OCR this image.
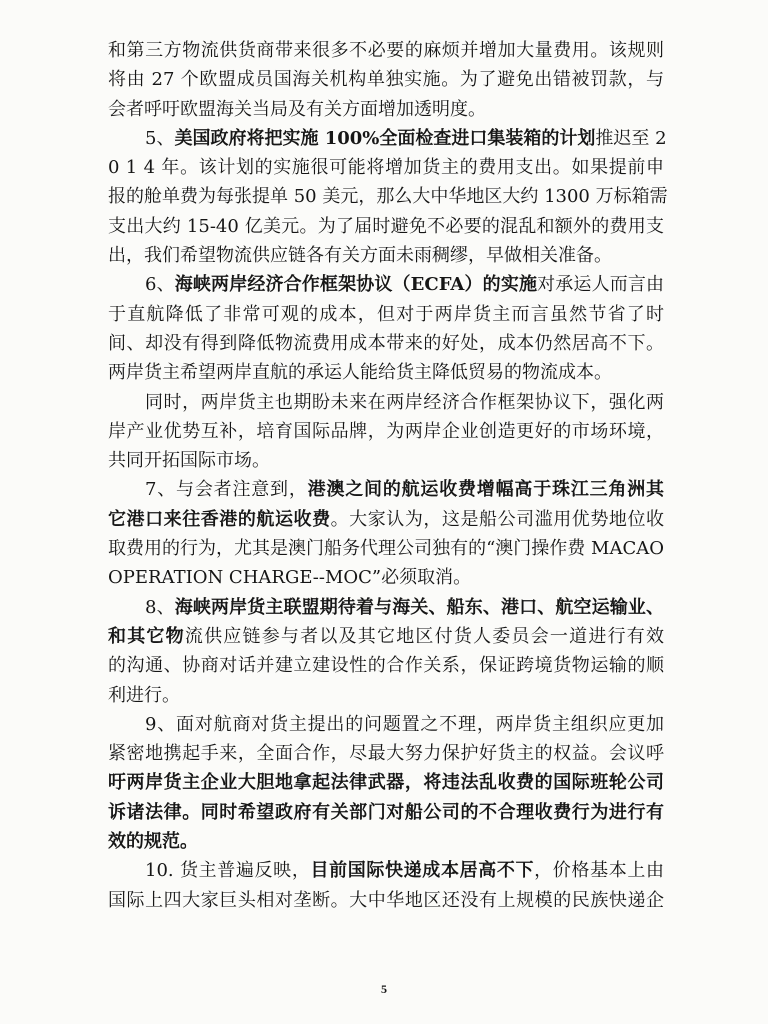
和第三方物流供货商带来很多不必要的麻烦并增加大量费用。该规则
将由 27 个欧盟成员国海关机构单独实施。为了避免出错被罚款，与
会者呼吁欧盟海关当局及有关方面增加透明度。
5、美国政府将把实施 100%全面检查进口集装箱的计划推迟至 2
0 1 4 年。该计划的实施很可能将增加货主的费用支出。如果提前申
报的舱单费为每张提单 50 美元，那么大中华地区大约 1300 万标箱需
支出大约 15-40 亿美元。为了届时避免不必要的混乱和额外的费用支
出，我们希望物流供应链各有关方面未雨稠缪，早做相关准备。
6、海峡两岸经济合作框架协议（ECFA）的实施对承运人而言由
于直航降低了非常可观的成本，但对于两岸货主而言虽然节省了时
间、却没有得到降低物流费用成本带来的好处，成本仍然居高不下。
两岸货主希望两岸直航的承运人能给货主降低贸易的物流成本。
同时，两岸货主也期盼未来在两岸经济合作框架协议下，强化两
岸产业优势互补，培育国际品牌，为两岸企业创造更好的市场环境，
共同开拓国际市场。
7、与会者注意到，港澳之间的航运收费增幅高于珠江三角洲其
它港口来往香港的航运收费。大家认为，这是船公司滥用优势地位收
取费用的行为，尤其是澳门船务代理公司独有的“澳门操作费 MACAO
OPERATION CHARGE--MOC”必须取消。
8、海峡两岸货主联盟期待着与海关、船东、港口、航空运输业、
和其它物流供应链参与者以及其它地区付货人委员会一道进行有效
的沟通、协商对话并建立建设性的合作关系，保证跨境货物运输的顺
利进行。
9、面对航商对货主提出的问题置之不理，两岸货主组织应更加
紧密地携起手来，全面合作，尽最大努力保护好货主的权益。会议呼
吁两岸货主企业大胆地拿起法律武器，将违法乱收费的国际班轮公司
诉诸法律。同时希望政府有关部门对船公司的不合理收费行为进行有
效的规范。
10. 货主普遍反映，目前国际快递成本居高不下，价格基本上由
国际上四大家巨头相对垄断。大中华地区还没有上规模的民族快递企
5
